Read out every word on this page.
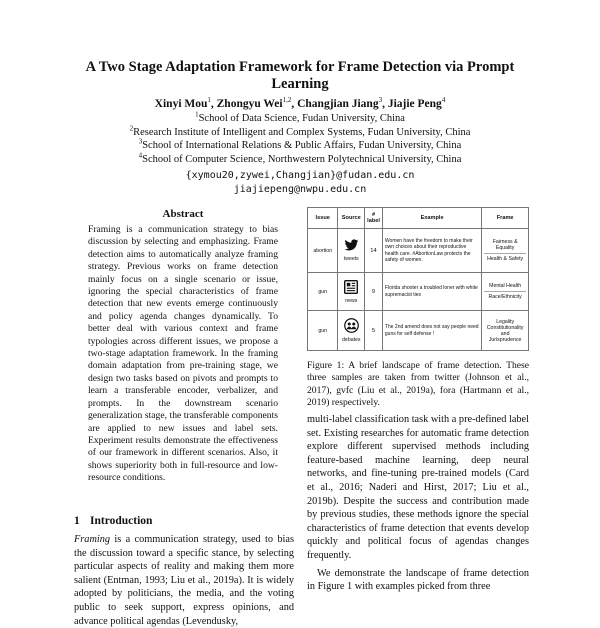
A Two Stage Adaptation Framework for Frame Detection via Prompt Learning
Xinyi Mou$^1$, Zhongyu Wei$^{1,2}$, Changjian Jiang$^3$, Jiajie Peng$^4$
$^1$School of Data Science, Fudan University, China
$^2$Research Institute of Intelligent and Complex Systems, Fudan University, China
$^3$School of International Relations & Public Affairs, Fudan University, China
$^4$School of Computer Science, Northwestern Polytechnical University, China
{xymou20,zywei,Changjian}@fudan.edu.cn
jiajiepeng@nwpu.edu.cn
Abstract
Framing is a communication strategy to bias discussion by selecting and emphasizing. Frame detection aims to automatically analyze framing strategy. Previous works on frame detection mainly focus on a single scenario or issue, ignoring the special characteristics of frame detection that new events emerge continuously and policy agenda changes dynamically. To better deal with various context and frame typologies across different issues, we propose a two-stage adaptation framework. In the framing domain adaptation from pre-training stage, we design two tasks based on pivots and prompts to learn a transferable encoder, verbalizer, and prompts. In the downstream scenario generalization stage, the transferable components are applied to new issues and label sets. Experiment results demonstrate the effectiveness of our framework in different scenarios. Also, it shows superiority both in full-resource and low-resource conditions.
1 Introduction
Framing is a communication strategy, used to bias the discussion toward a specific stance, by selecting particular aspects of reality and making them more salient (Entman, 1993; Liu et al., 2019a). It is widely adopted by politicians, the media, and the voting public to seek support, express opinions, and advance political agendas (Levendusky,
Issue	Source	# label	Example	Frame
abortion	tweets	14	Women have the freedom to make their own choices about their reproductive health care. #AbortionLaw protects the safety of women.	Fairness & Equality
Health & Safety

gun	news	9	Florida shooter a troubled loner with white supremacist ties	Mental Health
Race/Ethnicity

gun	debates	5	The 2nd amend does not say people need guns for self defense !	Legality Constitutionality and Jurisprudence
Figure 1: A brief landscape of frame detection. These three samples are taken from twitter (Johnson et al., 2017), gvfc (Liu et al., 2019a), fora (Hartmann et al., 2019) respectively.

multi-label classification task with a pre-defined label set. Existing researches for automatic frame detection explore different supervised methods including feature-based machine learning, deep neural networks, and fine-tuning pre-trained models (Card et al., 2016; Naderi and Hirst, 2017; Liu et al., 2019b). Despite the success and contribution made by previous studies, these methods ignore the special characteristics of frame detection that events develop quickly and political focus of agendas changes frequently.

We demonstrate the landscape of frame detection in Figure 1 with examples picked from three
